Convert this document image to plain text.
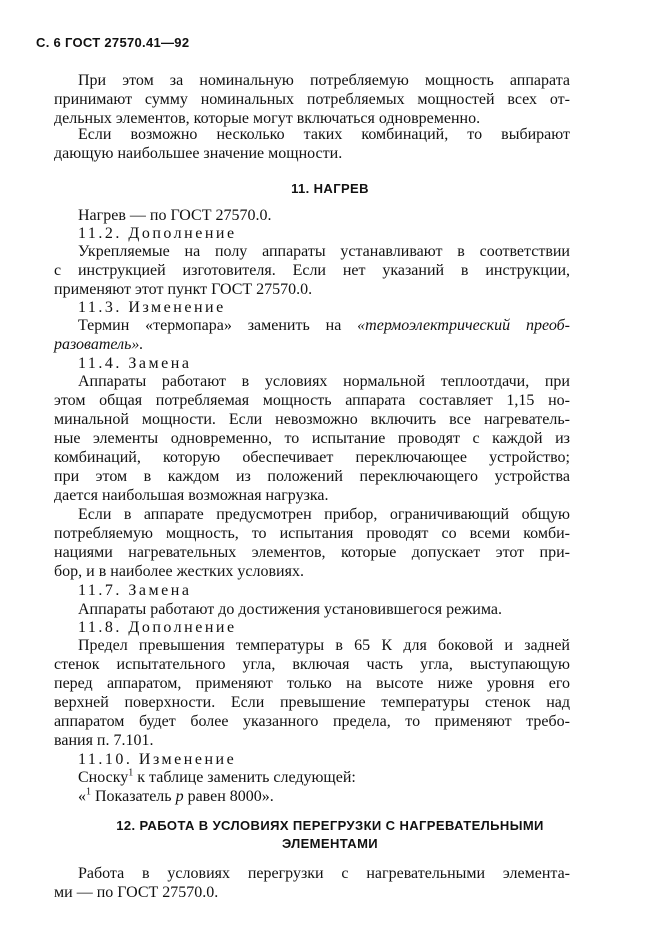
С. 6 ГОСТ 27570.41—92

При этом за номинальную потребляемую мощность аппарата

принимают сумму номинальных потребляемых мощностей всех от-

дельных элементов, которые могут включаться одновременно.

Если возможно несколько таких комбинаций, то выбирают

дающую наибольшее значение мощности.

11. НАГРЕВ

Нагрев — по ГОСТ 27570.0.

11.2. Дополнение

Укрепляемые на полу аппараты устанавливают в соответствии

с инструкцией изготовителя. Если нет указаний в инструкции,

применяют этот пункт ГОСТ 27570.0.

11.3. Изменение

Термин «термопара» заменить на «термоэлектрический преоб-

разователь».

11.4. Замена

Аппараты работают в условиях нормальной теплоотдачи, при

этом общая потребляемая мощность аппарата составляет 1,15 но-

минальной мощности. Если невозможно включить все нагреватель-

ные элементы одновременно, то испытание проводят с каждой из

комбинаций, которую обеспечивает переключающее устройство;

при этом в каждом из положений переключающего устройства

дается наибольшая возможная нагрузка.

Если в аппарате предусмотрен прибор, ограничивающий общую

потребляемую мощность, то испытания проводят со всеми комби-

нациями нагревательных элементов, которые допускает этот при-

бор, и в наиболее жестких условиях.

11.7. Замена

Аппараты работают до достижения установившегося режима.

11.8. Дополнение

Предел превышения температуры в 65 К для боковой и задней

стенок испытательного угла, включая часть угла, выступающую

перед аппаратом, применяют только на высоте ниже уровня его

верхней поверхности. Если превышение температуры стенок над

аппаратом будет более указанного предела, то применяют требо-

вания п. 7.101.

11.10. Изменение

Сноску$^1$ к таблице заменить следующей:

«$^1$ Показатель p равен 8000».

12. РАБОТА В УСЛОВИЯХ ПЕРЕГРУЗКИ С НАГРЕВАТЕЛЬНЫМИ

ЭЛЕМЕНТАМИ

Работа в условиях перегрузки с нагревательными элемента-

ми — по ГОСТ 27570.0.
